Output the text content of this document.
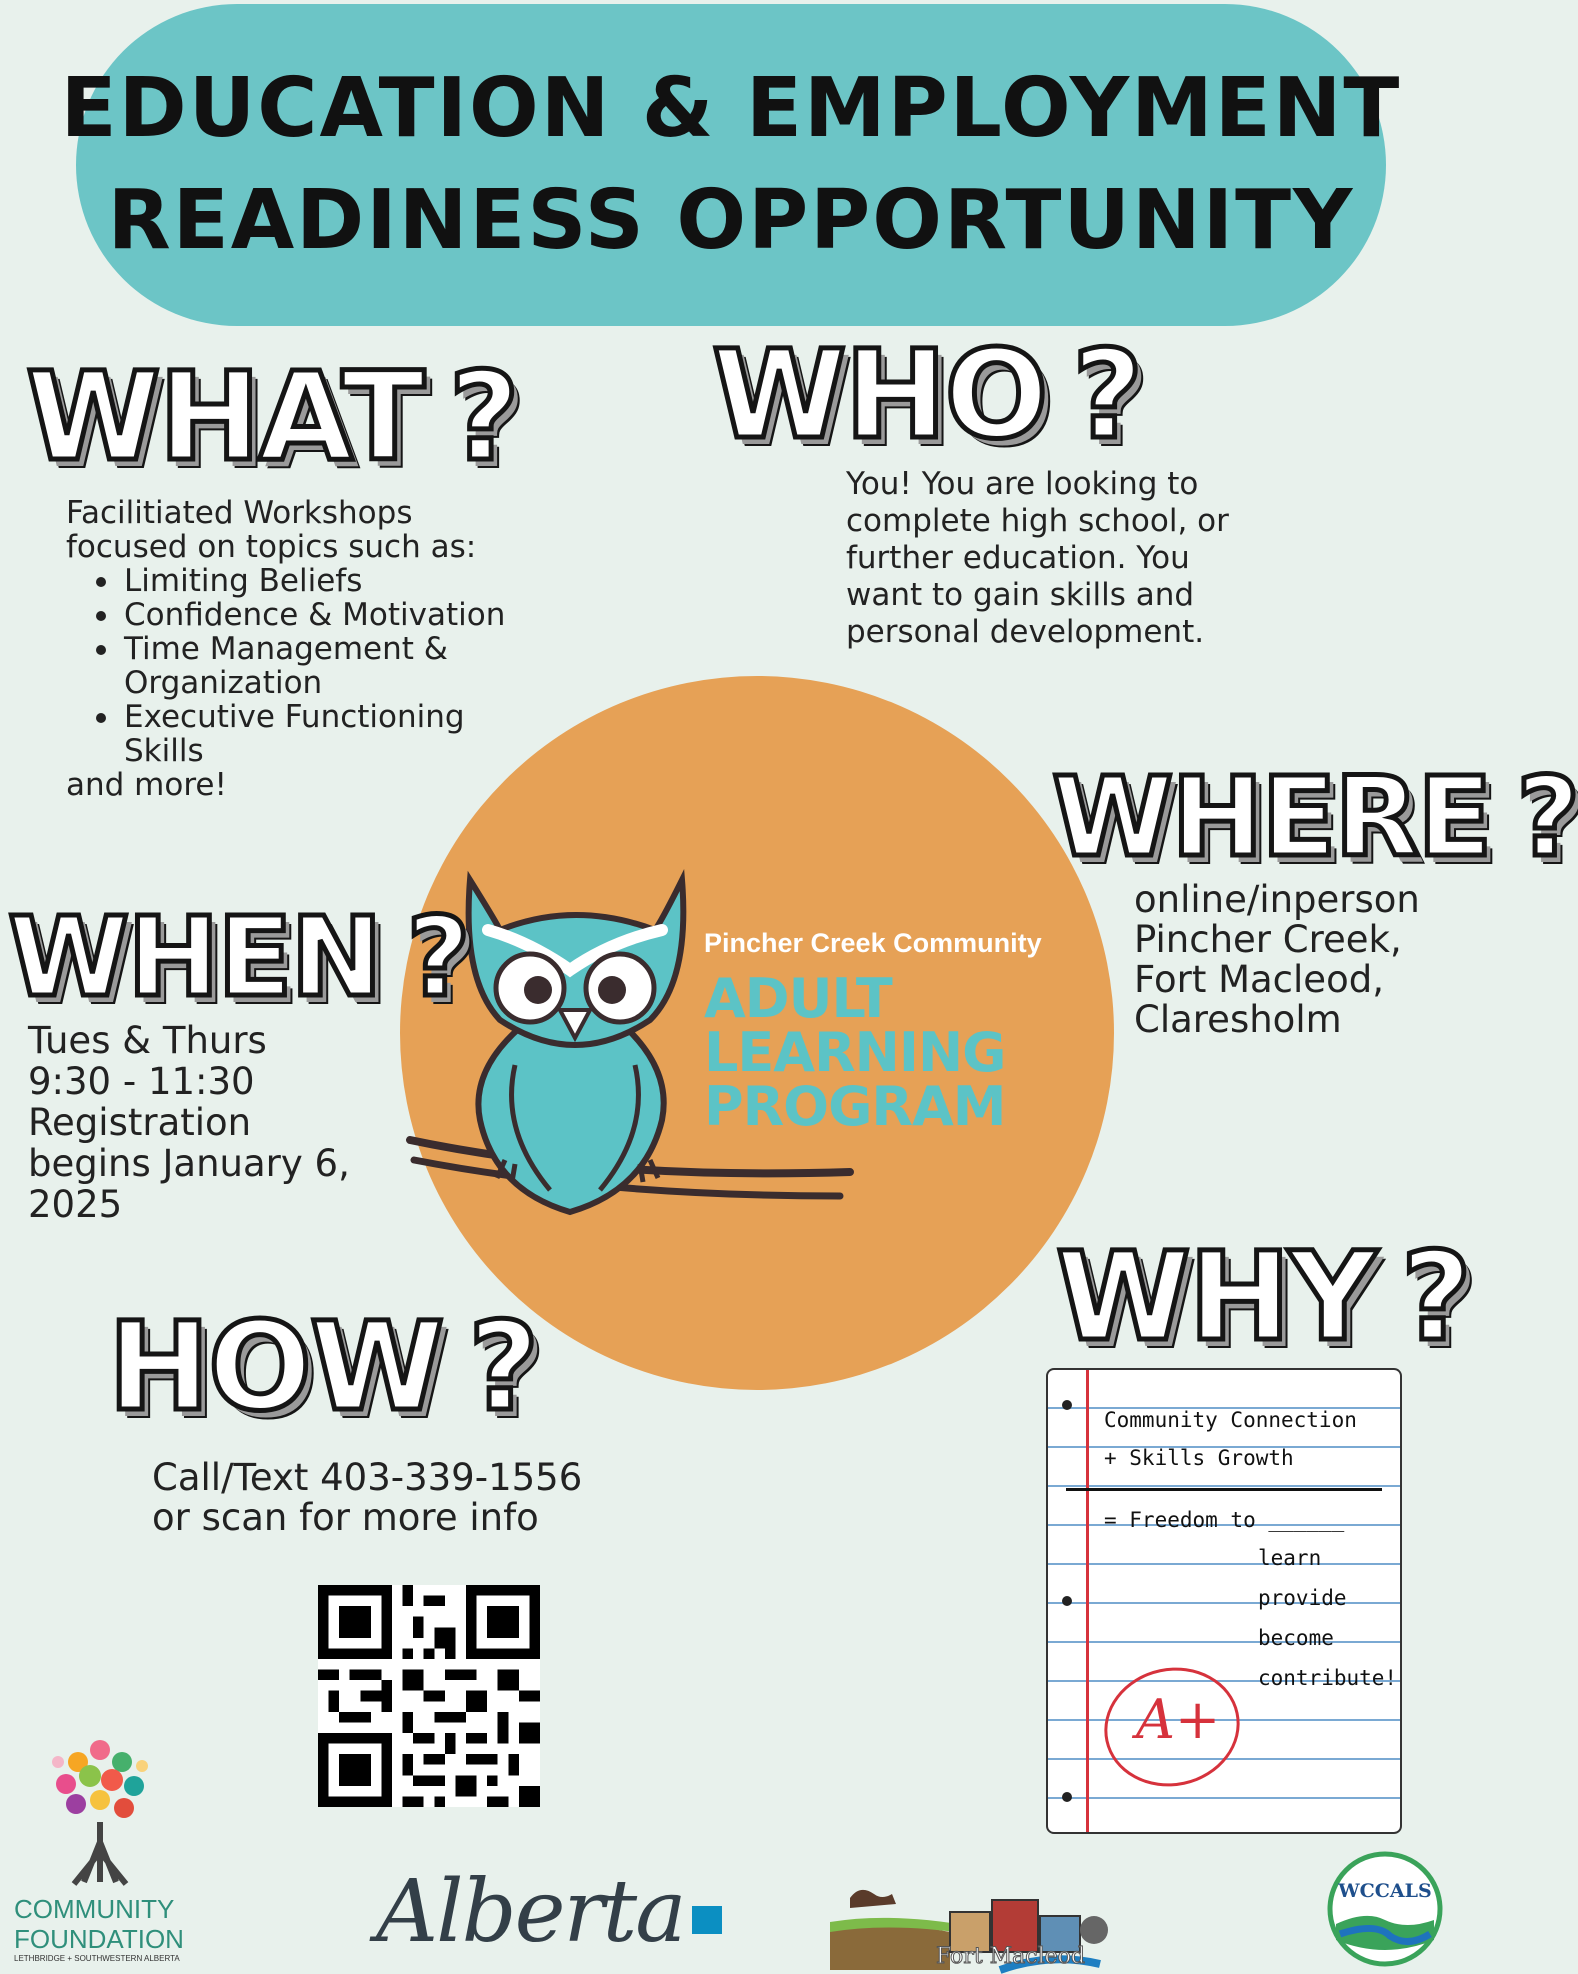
EDUCATION & EMPLOYMENT
READINESS OPPORTUNITY
WHAT ?
Facilitiated Workshops
focused on topics such as:
Limiting Beliefs
Confidence & Motivation
Time Management & Organization
Executive Functioning Skills
and more!
WHO ?
You! You are looking to
complete high school, or
further education. You
want to gain skills and
personal development.
Pincher Creek Community
ADULT
LEARNING
PROGRAM
WHERE ?
online/inperson
Pincher Creek,
Fort Macleod,
Claresholm
WHEN ?
Tues & Thurs
9:30 - 11:30
Registration
begins January 6,
2025
WHY ?
Community Connection
+ Skills Growth
= Freedom to ______
learn
provide
become
contribute!
A+
HOW ?
Call/Text 403-339-1556
or scan for more info
COMMUNITY
FOUNDATION
LETHBRIDGE + SOUTHWESTERN ALBERTA Alberta	Fort Macleod
WCCALS
